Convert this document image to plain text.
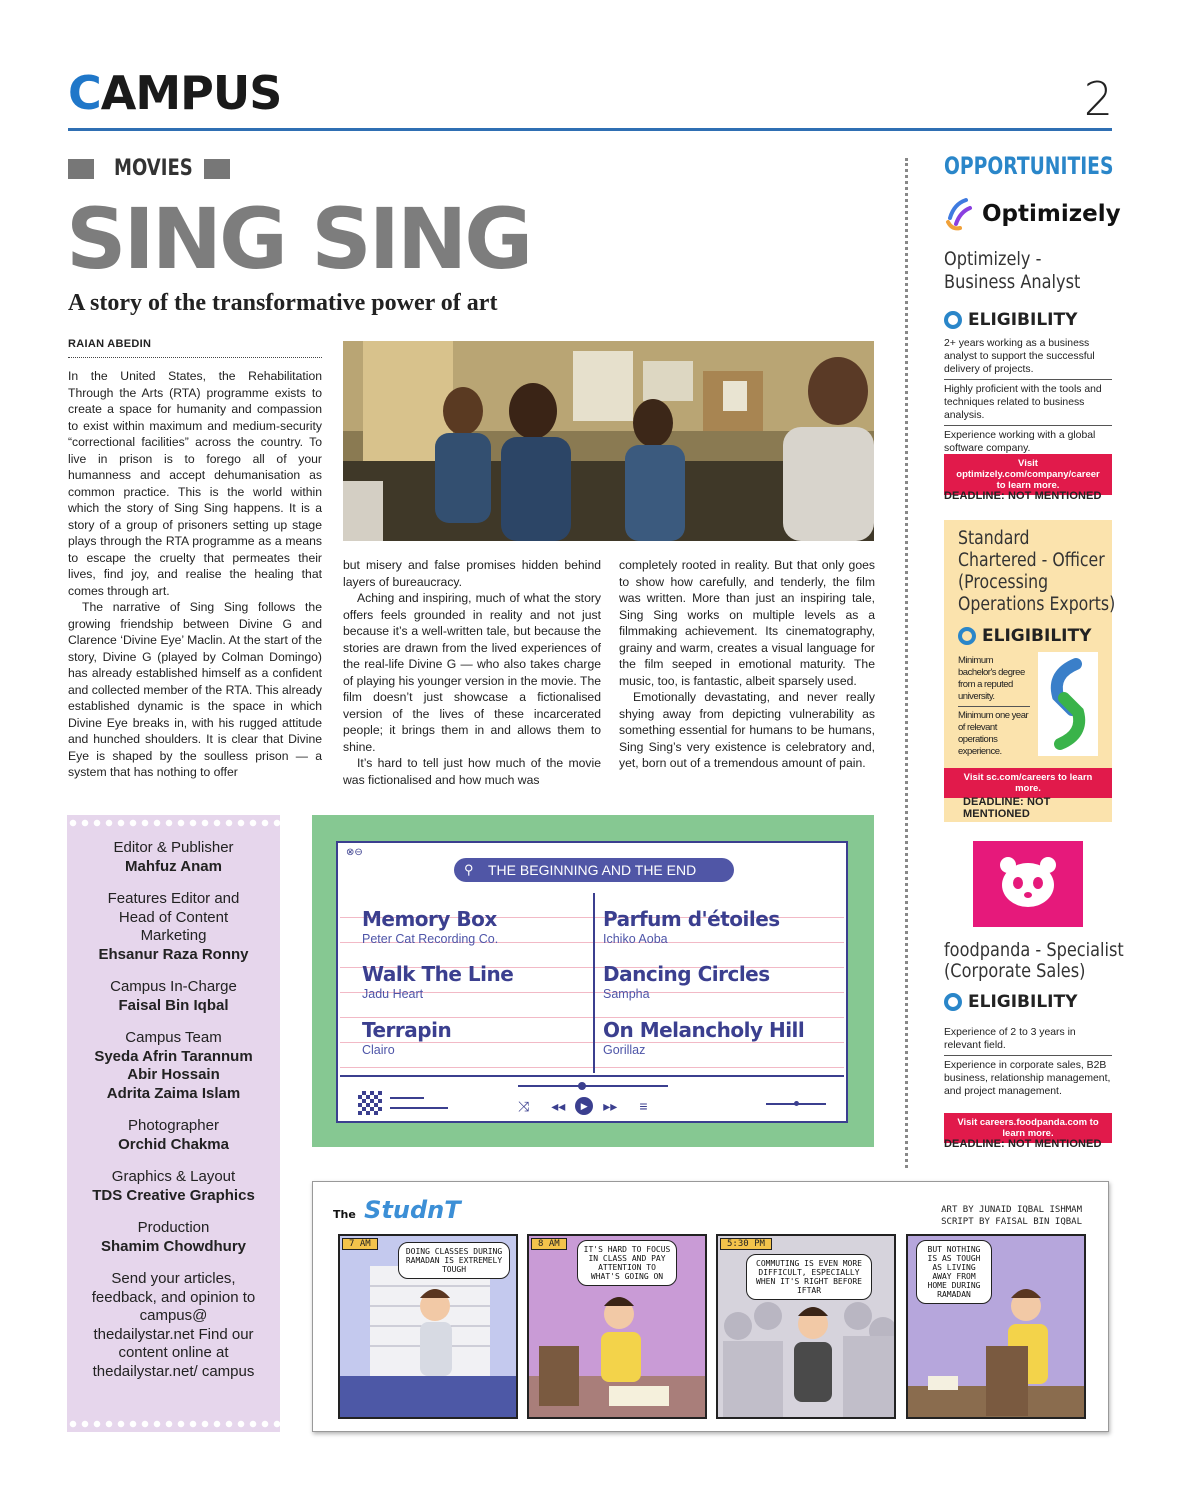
CAMPUS	2
MOVIES
SING SING
A story of the transformative power of art
RAIAN ABEDIN

In the United States, the Rehabilitation Through the Arts (RTA) programme exists to create a space for humanity and compassion to exist within maximum and medium-security “correctional facilities” across the country. To live in prison is to forego all of your humanness and accept dehumanisation as common practice. This is the world within which the story of Sing Sing happens. It is a story of a group of prisoners setting up stage plays through the RTA programme as a means to escape the cruelty that permeates their lives, find joy, and realise the healing that comes through art.

The narrative of Sing Sing follows the growing friendship between Divine G and Clarence ‘Divine Eye’ Maclin. At the start of the story, Divine G (played by Colman Domingo) has already established himself as a confident and collected member of the RTA. This already established dynamic is the space in which Divine Eye breaks in, with his rugged attitude and hunched shoulders. It is clear that Divine Eye is shaped by the soulless prison — a system that has nothing to offer

but misery and false promises hidden behind layers of bureaucracy.

Aching and inspiring, much of what the story offers feels grounded in reality and not just because it’s a well-written tale, but because the stories are drawn from the lived experiences of the real-life Divine G — who also takes charge of playing his younger version in the movie. The film doesn’t just showcase a fictionalised version of the lives of these incarcerated people; it brings them in and allows them to shine.

It’s hard to tell just how much of the movie was fictionalised and how much was

completely rooted in reality. But that only goes to show how carefully, and tenderly, the film was written. More than just an inspiring tale, Sing Sing works on multiple levels as a filmmaking achievement. Its cinematography, grainy and warm, creates a visual language for the film seeped in emotional maturity. The music, too, is fantastic, albeit sparsely used.

Emotionally devastating, and never really shying away from depicting vulnerability as something essential for humans to be humans, Sing Sing’s very existence is celebratory and, yet, born out of a tremendous amount of pain.

OPPORTUNITIES
Optimizely
Optimizely -
Business Analyst
ELIGIBILITY
2+ years working as a business analyst to support the successful delivery of projects.
Highly proficient with the tools and techniques related to business analysis.
Experience working with a global software company.
Visit optimizely.com/company/career to learn more.
DEADLINE: NOT MENTIONED
Standard
Chartered - Officer
(Processing
Operations Exports)
ELIGIBILITY
Minimum bachelor's degree from a reputed university.
Minimum one year of relevant operations experience.
Visit sc.com/careers to learn more.
DEADLINE: NOT MENTIONED
foodpanda - Specialist
(Corporate Sales)
ELIGIBILITY
Experience of 2 to 3 years in relevant field.
Experience in corporate sales, B2B business, relationship management, and project management.
Visit careers.foodpanda.com to learn more.
DEADLINE: NOT MENTIONED
Editor & Publisher
Mahfuz Anam
Features Editor and Head of Content Marketing
Ehsanur Raza Ronny
Campus In-Charge
Faisal Bin Iqbal
Campus Team
Syeda Afrin Tarannum
Abir Hossain
Adrita Zaima Islam
Photographer
Orchid Chakma
Graphics & Layout
TDS Creative Graphics
Production
Shamim Chowdhury
Send your articles, feedback, and opinion to campus@ thedailystar.net Find our content online at thedailystar.net/ campus
⊗⊖
⚲ THE BEGINNING AND THE END
Memory Box
Peter Cat Recording Co.
Parfum d'étoiles
Ichiko Aoba
Walk The Line
Jadu Heart
Dancing Circles
Sampha
Terrapin
Clairo
On Melancholy Hill
Gorillaz
⤨ ◂◂	▶	▸▸ ≡
The StudnT	ART BY JUNAID IQBAL ISHMAM
SCRIPT BY FAISAL BIN IQBAL
7 AM
DOING CLASSES DURING RAMADAN IS EXTREMELY TOUGH
8 AM
IT'S HARD TO FOCUS IN CLASS AND PAY ATTENTION TO WHAT'S GOING ON
5:30 PM
COMMUTING IS EVEN MORE DIFFICULT, ESPECIALLY WHEN IT'S RIGHT BEFORE IFTAR
BUT NOTHING IS AS TOUGH AS LIVING AWAY FROM HOME DURING RAMADAN
